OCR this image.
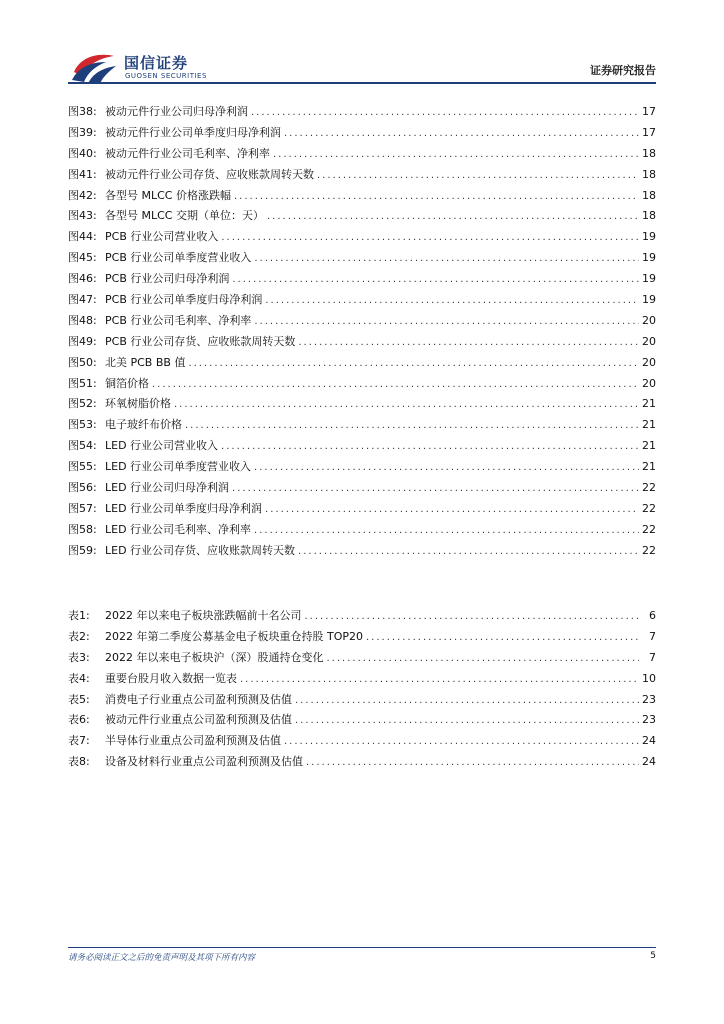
国信证券
GUOSEN SECURITIES	证券研究报告
图38: 被动元件行业公司归母净利润 .....	17
图39: 被动元件行业公司单季度归母净利润 .....	17
图40: 被动元件行业公司毛利率、净利率 .....	18
图41: 被动元件行业公司存货、应收账款周转天数 .....	18
图42: 各型号 MLCC 价格涨跌幅 .....	18
图43: 各型号 MLCC 交期（单位：天） .....	18
图44: PCB 行业公司营业收入 .....	19
图45: PCB 行业公司单季度营业收入 .....	19
图46: PCB 行业公司归母净利润 .....	19
图47: PCB 行业公司单季度归母净利润 .....	19
图48: PCB 行业公司毛利率、净利率 .....	20
图49: PCB 行业公司存货、应收账款周转天数 .....	20
图50: 北美 PCB BB 值 .....	20
图51: 铜箔价格 .....	20
图52: 环氧树脂价格 .....	21
图53: 电子玻纤布价格 .....	21
图54: LED 行业公司营业收入 .....	21
图55: LED 行业公司单季度营业收入 .....	21
图56: LED 行业公司归母净利润 .....	22
图57: LED 行业公司单季度归母净利润 .....	22
图58: LED 行业公司毛利率、净利率 .....	22
图59: LED 行业公司存货、应收账款周转天数 .....	22
表1:	2022 年以来电子板块涨跌幅前十名公司 .....	6
表2:	2022 年第二季度公募基金电子板块重仓持股 TOP20 .....	7
表3:	2022 年以来电子板块沪（深）股通持仓变化 .....	7
表4:	重要台股月收入数据一览表 .....	10
表5:	消费电子行业重点公司盈利预测及估值 .....	23
表6:	被动元件行业重点公司盈利预测及估值 .....	23
表7:	半导体行业重点公司盈利预测及估值 .....	24
表8:	设备及材料行业重点公司盈利预测及估值 .....	24
请务必阅读正文之后的免责声明及其项下所有内容	5
